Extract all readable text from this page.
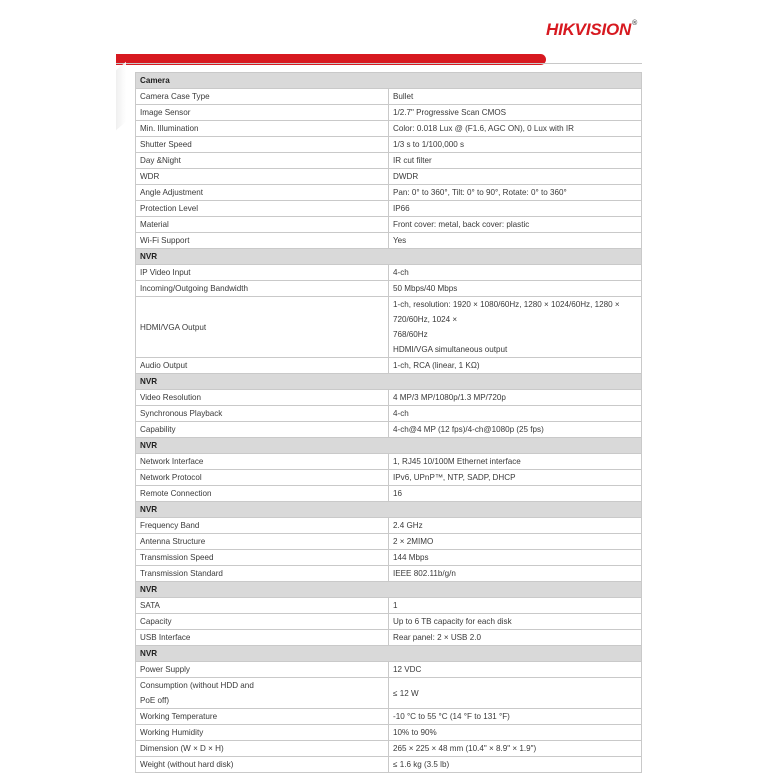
HIKVISION®
Camera	
Camera Case Type	Bullet
Image Sensor	1/2.7" Progressive Scan CMOS
Min. Illumination	Color: 0.018 Lux @ (F1.6, AGC ON), 0 Lux with IR
Shutter Speed	1/3 s to 1/100,000 s
Day &Night	IR cut filter
WDR	DWDR
Angle Adjustment	Pan: 0° to 360°, Tilt: 0° to 90°, Rotate: 0° to 360°
Protection Level	IP66
Material	Front cover: metal, back cover: plastic
Wi-Fi Support	Yes
NVR	
IP Video Input	4-ch
Incoming/Outgoing Bandwidth	50 Mbps/40 Mbps
HDMI/VGA Output	1-ch, resolution: 1920 × 1080/60Hz, 1280 × 1024/60Hz, 1280 × 720/60Hz, 1024 ×
768/60Hz
HDMI/VGA simultaneous output

Audio Output	1-ch, RCA (linear, 1 KΩ)
NVR	
Video Resolution	4 MP/3 MP/1080p/1.3 MP/720p
Synchronous Playback	4-ch
Capability	4-ch@4 MP (12 fps)/4-ch@1080p (25 fps)
NVR	
Network Interface	1, RJ45 10/100M Ethernet interface
Network Protocol	IPv6, UPnP™, NTP, SADP, DHCP
Remote Connection	16
NVR	
Frequency Band	2.4 GHz
Antenna Structure	2 × 2MIMO
Transmission Speed	144 Mbps
Transmission Standard	IEEE 802.11b/g/n
NVR	
SATA	1
Capacity	Up to 6 TB capacity for each disk
USB Interface	Rear panel: 2 × USB 2.0
NVR	
Power Supply	12 VDC

Consumption (without HDD and
PoE off)	≤ 12 W
Working Temperature	-10 °C to 55 °C (14 °F to 131 °F)
Working Humidity	10% to 90%
Dimension (W × D × H)	265 × 225 × 48 mm (10.4" × 8.9" × 1.9")
Weight (without hard disk)	≤ 1.6 kg (3.5 lb)
